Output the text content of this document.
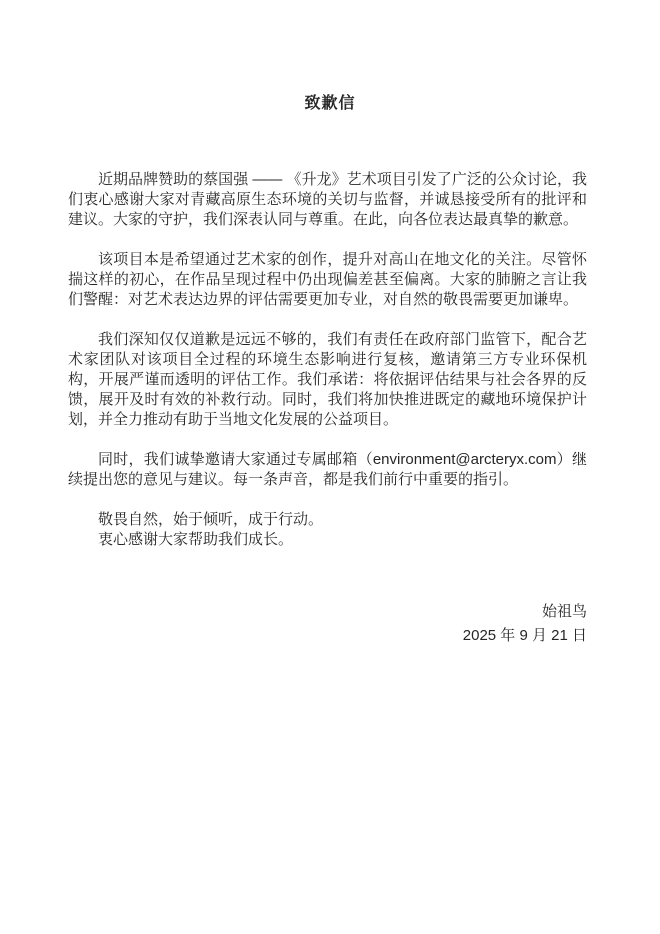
致歉信

近期品牌赞助的蔡国强 —— 《升龙》艺术项目引发了广泛的公众讨论，我们衷心感谢大家对青藏高原生态环境的关切与监督，并诚恳接受所有的批评和建议。大家的守护，我们深表认同与尊重。在此，向各位表达最真挚的歉意。

该项目本是希望通过艺术家的创作，提升对高山在地文化的关注。尽管怀揣这样的初心，在作品呈现过程中仍出现偏差甚至偏离。大家的肺腑之言让我们警醒：对艺术表达边界的评估需要更加专业，对自然的敬畏需要更加谦卑。

我们深知仅仅道歉是远远不够的，我们有责任在政府部门监管下，配合艺术家团队对该项目全过程的环境生态影响进行复核，邀请第三方专业环保机构，开展严谨而透明的评估工作。我们承诺：将依据评估结果与社会各界的反馈，展开及时有效的补救行动。同时，我们将加快推进既定的藏地环境保护计划，并全力推动有助于当地文化发展的公益项目。

同时，我们诚挚邀请大家通过专属邮箱（environment@arcteryx.com）继续提出您的意见与建议。每一条声音，都是我们前行中重要的指引。

敬畏自然，始于倾听，成于行动。

衷心感谢大家帮助我们成长。

始祖鸟

2025 年 9 月 21 日
